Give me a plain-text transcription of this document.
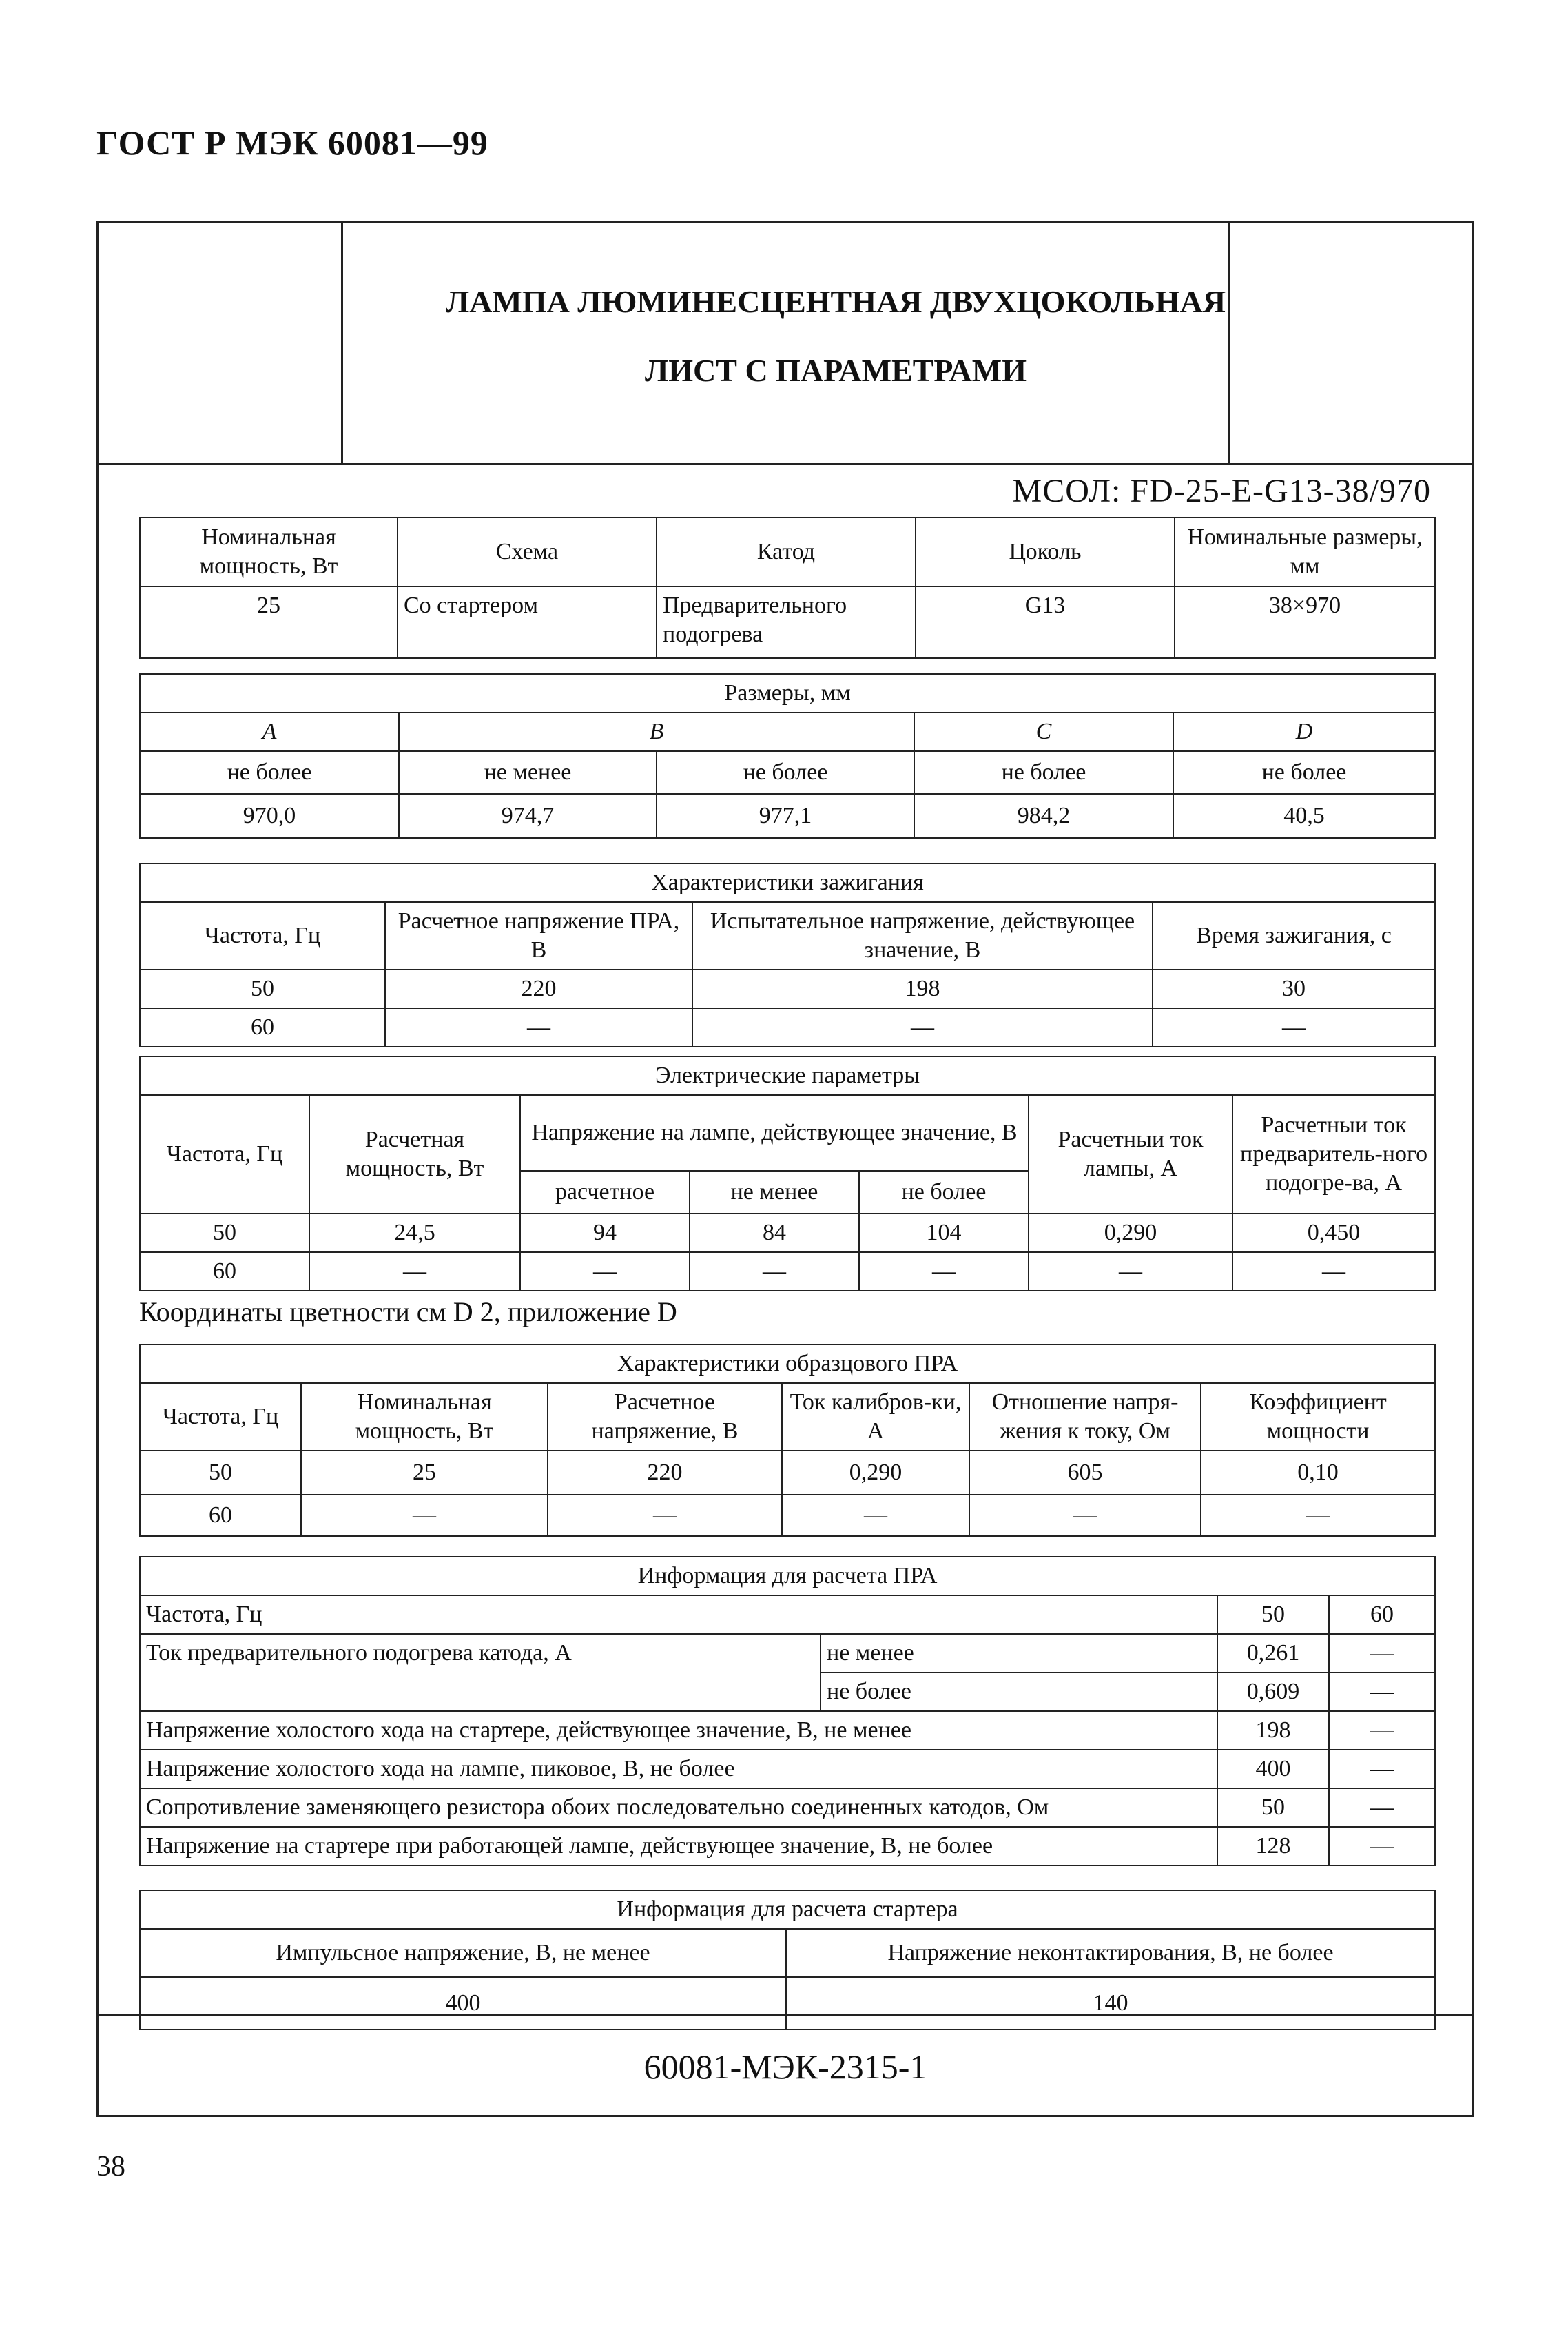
ГОСТ Р МЭК 60081—99
ЛАМПА ЛЮМИНЕСЦЕНТНАЯ ДВУХЦОКОЛЬНАЯ
ЛИСТ С ПАРАМЕТРАМИ
МСОЛ: FD-25-E-G13-38/970
60081-МЭК-2315-1
Номинальная мощность, Вт	Схема	Катод	Цоколь	Номинальные размеры, мм
25	Со стартером	Предварительного подогрева	G13	38×970
Размеры, мм				
A	B		C	D
не более	не менее	не более	не более	не более
970,0	974,7	977,1	984,2	40,5
Характеристики зажигания			
Частота, Гц	Расчетное напряжение ПРА, В	Испытательное напряжение, действующее значение, В	Время зажигания, с
50	220	198	30
60	—	—	—
Электрические параметры						
Частота, Гц	Расчетная мощность, Вт	Напряжение на лампе, действующее значение, В			Расчетныи ток лампы, А	Расчетныи ток предваритель-ного подогре-ва, А
		расчетное	не менее	не более		
50	24,5	94	84	104	0,290	0,450
60	—	—	—	—	—	—
Координаты цветности см D 2, приложение D
Характеристики образцового ПРА					
Частота, Гц	Номинальная мощность, Вт	Расчетное напряжение, В	Ток калибров-ки, А	Отношение напря-жения к току, Ом	Коэффициент мощности
50	25	220	0,290	605	0,10
60	—	—	—	—	—
Информация для расчета ПРА			
Частота, Гц		50	60
Ток предварительного подогрева катода, А	не менее	0,261	—
	не более	0,609	—
Напряжение холостого хода на стартере, действующее значение, В, не менее		198	—
Напряжение холостого хода на лампе, пиковое, В, не более		400	—
Сопротивление заменяющего резистора обоих последовательно соединенных катодов, Ом		50	—
Напряжение на стартере при работающей лампе, действующее значение, В, не более		128	—
Информация для расчета стартера	
Импульсное напряжение, В, не менее	Напряжение неконтактирования, В, не более
400	140
38
